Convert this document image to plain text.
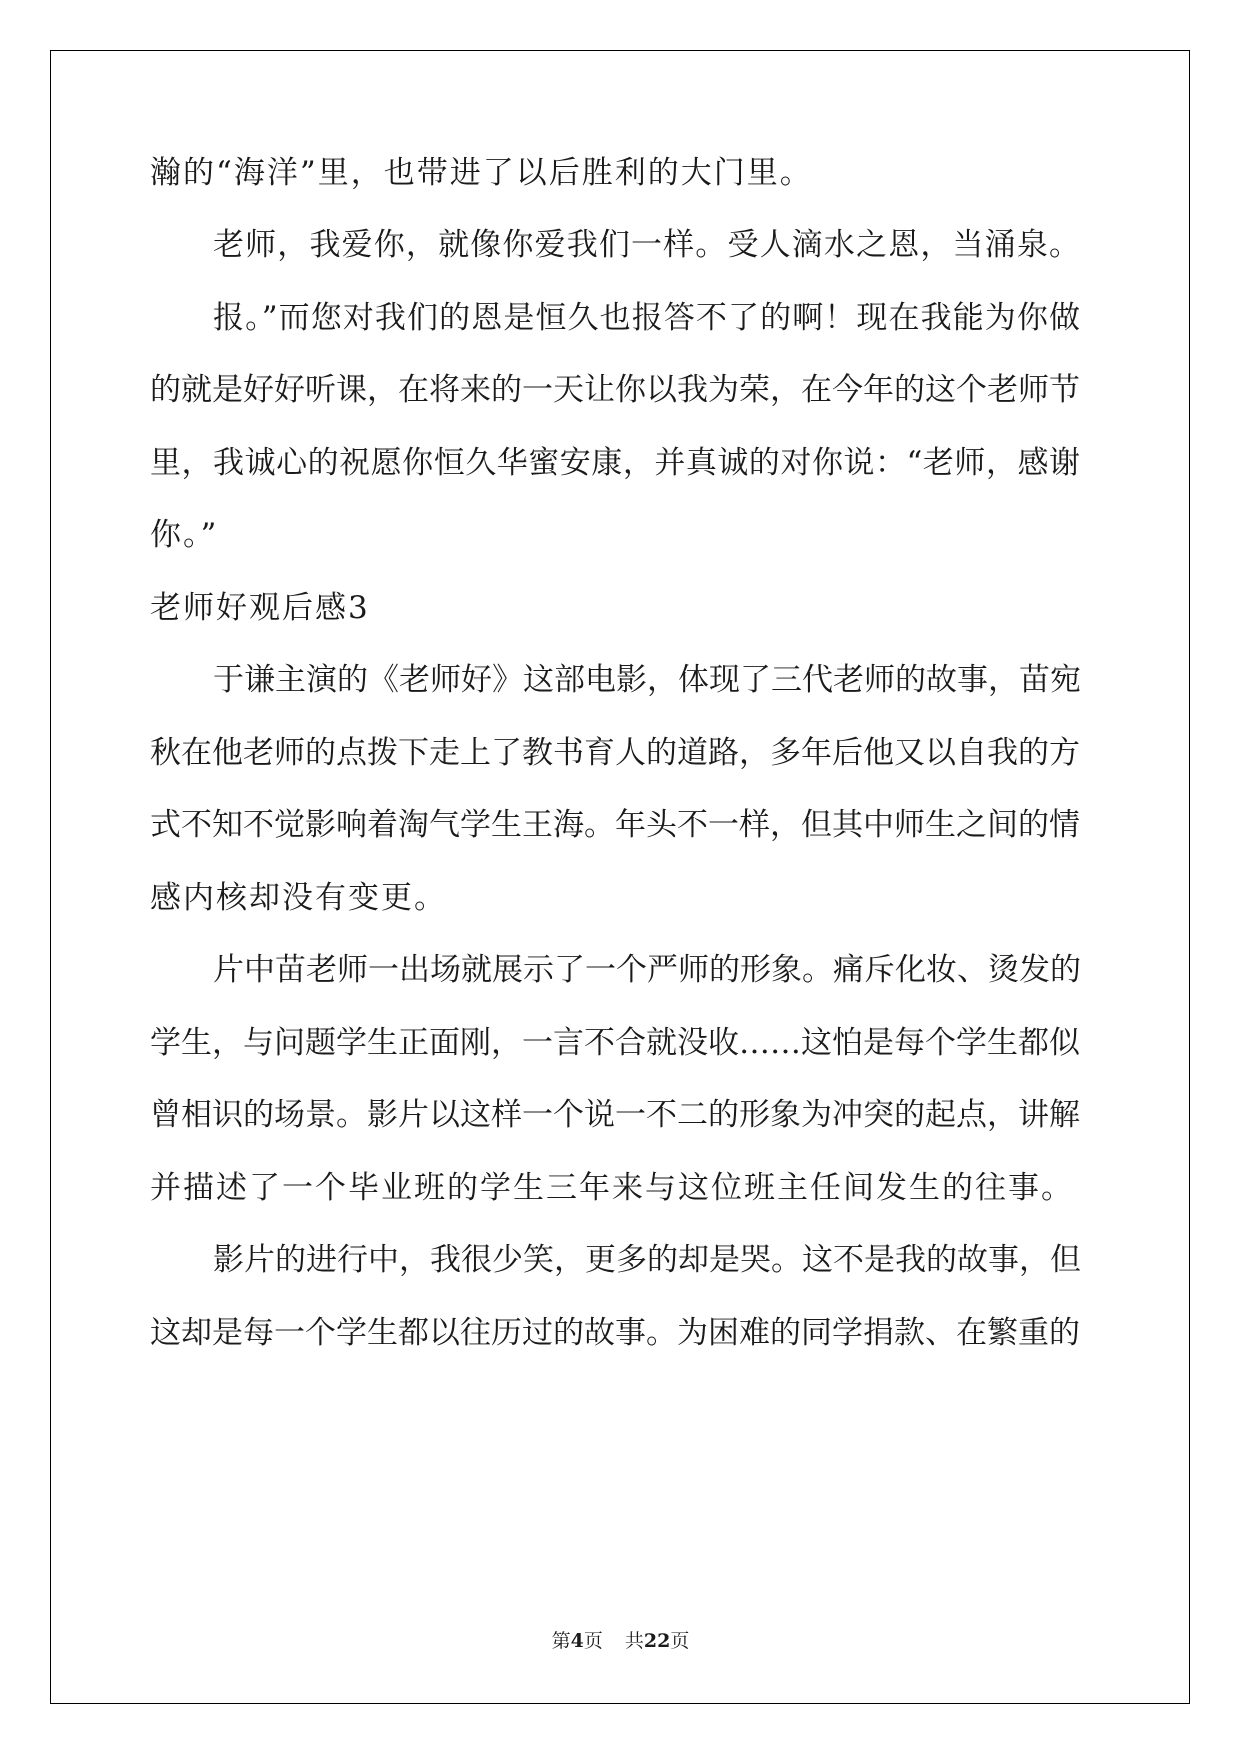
瀚的“海洋”里，也带进了以后胜利的大门里。
老师，我爱你，就像你爱我们一样。受人滴水之恩，当涌泉。
报。”而您对我们的恩是恒久也报答不了的啊！现在我能为你做
的就是好好听课，在将来的一天让你以我为荣，在今年的这个老师节
里，我诚心的祝愿你恒久华蜜安康，并真诚的对你说：“老师，感谢
你。”
老师好观后感3
于谦主演的《老师好》这部电影，体现了三代老师的故事，苗宛
秋在他老师的点拨下走上了教书育人的道路，多年后他又以自我的方
式不知不觉影响着淘气学生王海。年头不一样，但其中师生之间的情
感内核却没有变更。
片中苗老师一出场就展示了一个严师的形象。痛斥化妆、烫发的
学生，与问题学生正面刚，一言不合就没收……这怕是每个学生都似
曾相识的场景。影片以这样一个说一不二的形象为冲突的起点，讲解
并描述了一个毕业班的学生三年来与这位班主任间发生的往事。
影片的进行中，我很少笑，更多的却是哭。这不是我的故事，但
这却是每一个学生都以往历过的故事。为困难的同学捐款、在繁重的
第4页 共22页
